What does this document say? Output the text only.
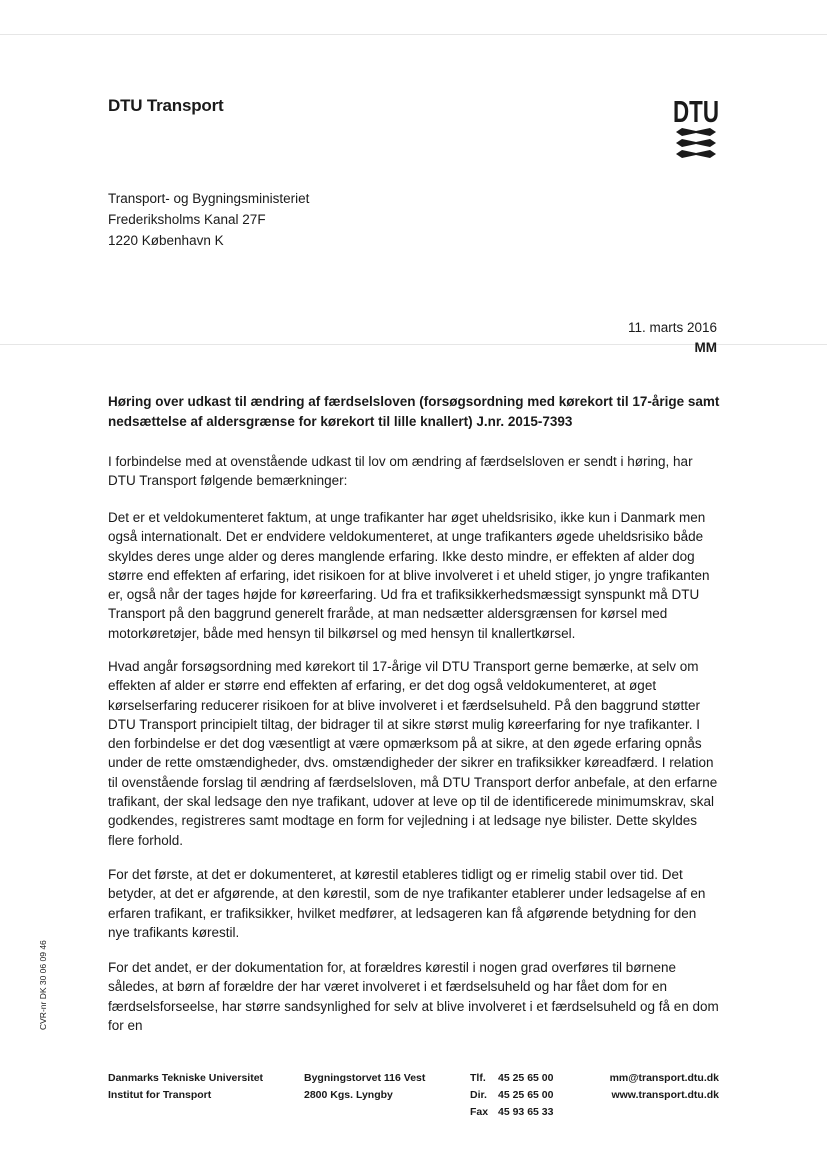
DTU Transport	DTU
Transport- og Bygningsministeriet
Frederiksholms Kanal 27F
1220 København K
11. marts 2016
MM
Høring over udkast til ændring af færdselsloven (forsøgsordning med kørekort til 17-årige samt nedsættelse af aldersgrænse for kørekort til lille knallert) J.nr. 2015-7393
I forbindelse med at ovenstående udkast til lov om ændring af færdselsloven er sendt i høring, har DTU Transport følgende bemærkninger:
Det er et veldokumenteret faktum, at unge trafikanter har øget uheldsrisiko, ikke kun i Danmark men også internationalt. Det er endvidere veldokumenteret, at unge trafikanters øgede uheldsrisiko både skyldes deres unge alder og deres manglende erfaring. Ikke desto mindre, er effekten af alder dog større end effekten af erfaring, idet risikoen for at blive involveret i et uheld stiger, jo yngre trafikanten er, også når der tages højde for køreerfaring. Ud fra et trafiksikkerhedsmæssigt synspunkt må DTU Transport på den baggrund generelt fraråde, at man nedsætter aldersgrænsen for kørsel med motorkøretøjer, både med hensyn til bilkørsel og med hensyn til knallertkørsel.
Hvad angår forsøgsordning med kørekort til 17-årige vil DTU Transport gerne bemærke, at selv om effekten af alder er større end effekten af erfaring, er det dog også veldokumenteret, at øget kørselserfaring reducerer risikoen for at blive involveret i et færdselsuheld. På den baggrund støtter DTU Transport principielt tiltag, der bidrager til at sikre størst mulig køreerfaring for nye trafikanter. I den forbindelse er det dog væsentligt at være opmærksom på at sikre, at den øgede erfaring opnås under de rette omstændigheder, dvs. omstændigheder der sikrer en trafiksikker køreadfærd. I relation til ovenstående forslag til ændring af færdselsloven, må DTU Transport derfor anbefale, at den erfarne trafikant, der skal ledsage den nye trafikant, udover at leve op til de identificerede minimumskrav, skal godkendes, registreres samt modtage en form for vejledning i at ledsage nye bilister. Dette skyldes flere forhold.
For det første, at det er dokumenteret, at kørestil etableres tidligt og er rimelig stabil over tid. Det betyder, at det er afgørende, at den kørestil, som de nye trafikanter etablerer under ledsagelse af en erfaren trafikant, er trafiksikker, hvilket medfører, at ledsageren kan få afgørende betydning for den nye trafikants kørestil.
For det andet, er der dokumentation for, at forældres kørestil i nogen grad overføres til børnene således, at børn af forældre der har været involveret i et færdselsuheld og har fået dom for en færdselsforseelse, har større sandsynlighed for selv at blive involveret i et færdselsuheld og få en dom for en
CVR-nr DK 30 06 09 46
Danmarks Tekniske Universitet
Institut for Transport
Bygningstorvet 116 Vest
2800 Kgs. Lyngby
Tlf. 45 25 65 00
Dir. 45 25 65 00
Fax 45 93 65 33
mm@transport.dtu.dk
www.transport.dtu.dk
